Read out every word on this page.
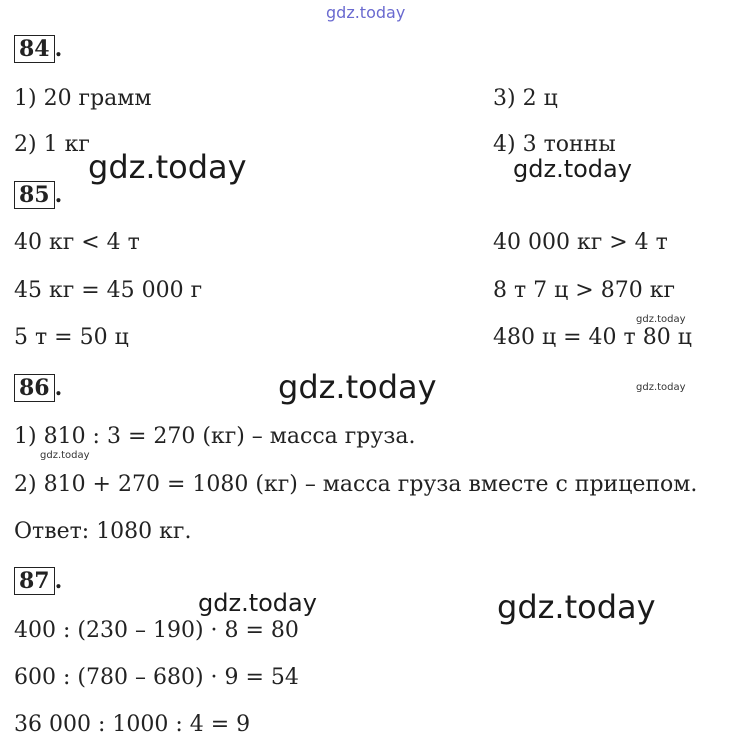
gdz.today
gdz.today	gdz.today
gdz.today
gdz.today	gdz.today
gdz.today
gdz.today	gdz.today
84 .
1) 20 грамм	3) 2 ц
2) 1 кг	4) 3 тонны
85 .
40 кг < 4 т	40 000 кг > 4 т
45 кг = 45 000 г	8 т 7 ц > 870 кг
5 т = 50 ц	480 ц = 40 т 80 ц
86 .
1) 810 : 3 = 270 (кг) – масса груза.
2) 810 + 270 = 1080 (кг) – масса груза вместе с прицепом.
Ответ: 1080 кг.
87 .
400 : (230 – 190) · 8 = 80
600 : (780 – 680) · 9 = 54
36 000 : 1000 : 4 = 9
